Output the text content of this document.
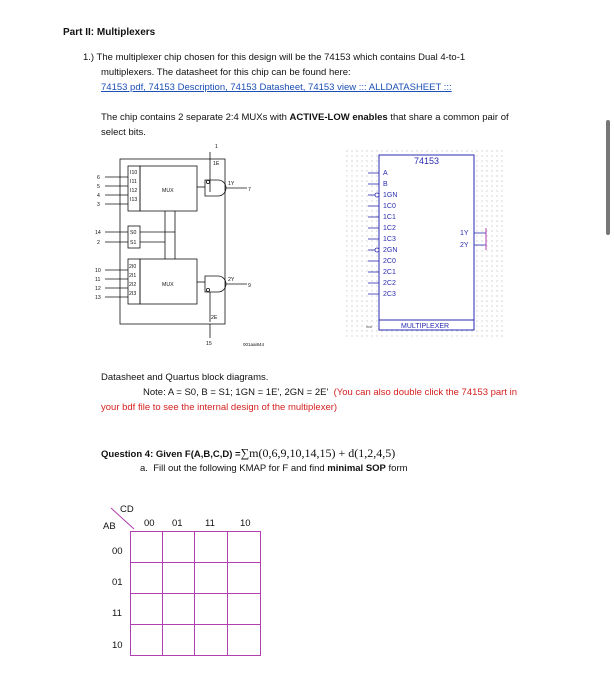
Part II: Multiplexers
1.) The multiplexer chip chosen for this design will be the 74153 which contains Dual 4-to-1
multiplexers. The datasheet for this chip can be found here:
74153 pdf, 74153 Description, 74153 Datasheet, 74153 view ::: ALLDATASHEET :::
The chip contains 2 separate 2:4 MUXs with ACTIVE-LOW enables that share a common pair of
select bits.
1
1E
2E
MUX
MUX
I10
I11
I12
I13
S0
S1
2I0
2I1
2I2
2I3
6
5
4
3
14
2
10
11
12
13
1Y
7
2Y
9
15	001aai844
74153
A
B
1GN
1C0
1C1
1C2
1C3
2GN
2C0
2C1
2C2
2C3
1Y
2Y
MULTIPLEXER
inst
Datasheet and Quartus block diagrams.
Note: A = S0, B = S1; 1GN = 1E', 2GN = 2E' (You can also double click the 74153 part in
your bdf file to see the internal design of the multiplexer)
Question 4: Given F(A,B,C,D) =∑m(0,6,9,10,14,15) + d(1,2,4,5)
a. Fill out the following KMAP for F and find minimal SOP form
CD
AB	00 01 11	10
00
01
11
10
